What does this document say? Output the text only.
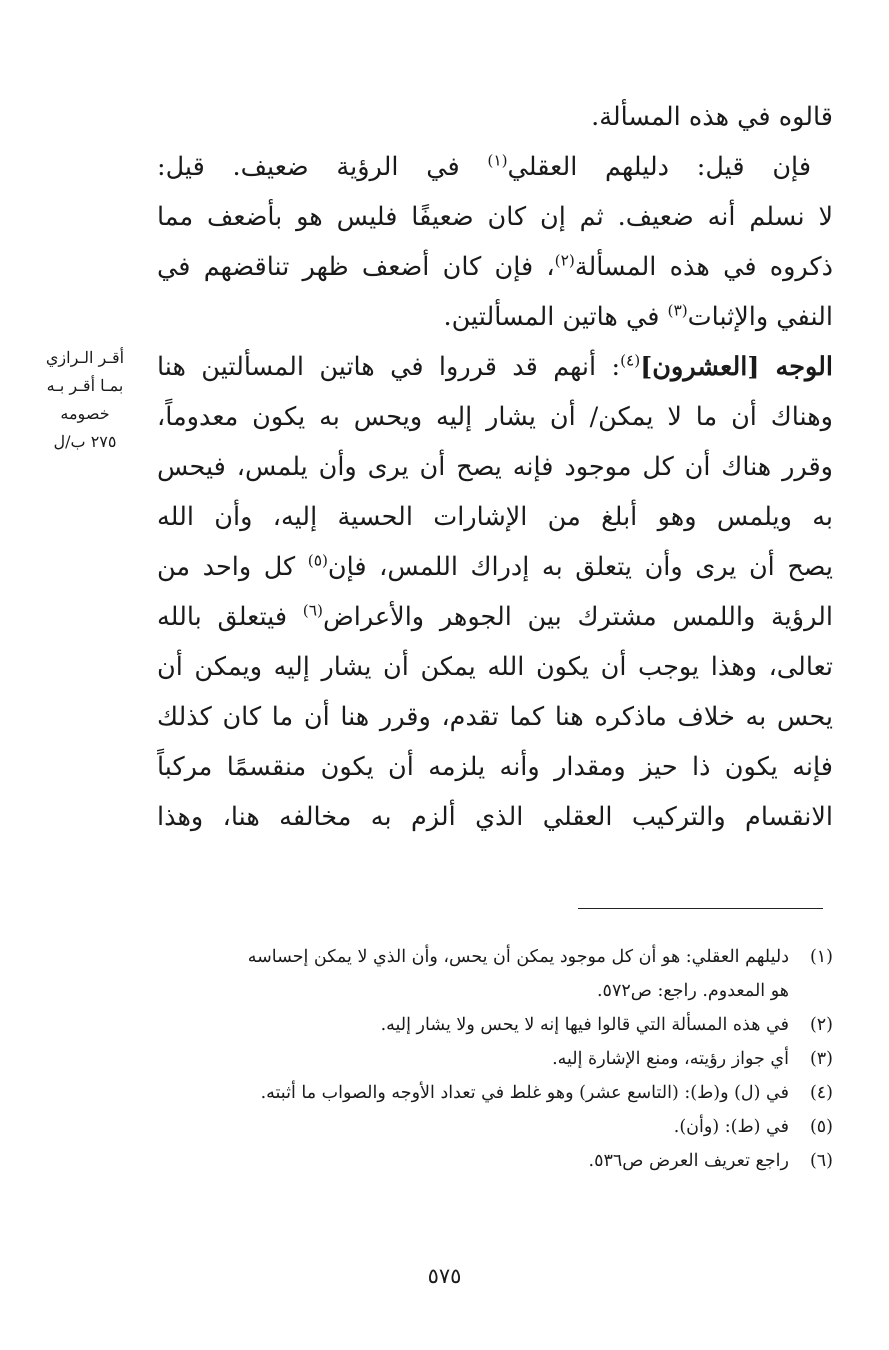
قالوه في هذه المسألة.
فإن قيل: دليلهم العقلي$^{(١)}$ في الرؤية ضعيف. قيل:
لا نسلم أنه ضعيف. ثم إن كان ضعيفًا فليس هو بأضعف مما
ذكروه في هذه المسألة$^{(٢)}$، فإن كان أضعف ظهر تناقضهم في
النفي والإثبات$^{(٣)}$ في هاتين المسألتين.
الوجه [العشرون]$^{(٤)}$: أنهم قد قرروا في هاتين المسألتين هنا
وهناك أن ما لا يمكن/ أن يشار إليه ويحس به يكون معدوماً،
وقرر هناك أن كل موجود فإنه يصح أن يرى وأن يلمس، فيحس
به ويلمس وهو أبلغ من الإشارات الحسية إليه، وأن الله
يصح أن يرى وأن يتعلق به إدراك اللمس، فإن$^{(٥)}$ كل واحد من
الرؤية واللمس مشترك بين الجوهر والأعراض$^{(٦)}$ فيتعلق بالله
تعالى، وهذا يوجب أن يكون الله يمكن أن يشار إليه ويمكن أن
يحس به خلاف ماذكره هنا كما تقدم، وقرر هنا أن ما كان كذلك
فإنه يكون ذا حيز ومقدار وأنه يلزمه أن يكون منقسمًا مركباً
الانقسام والتركيب العقلي الذي ألزم به مخالفه هنا، وهذا
أقـر الـرازي
بمـا أقـر بـه
خصومه
٢٧٥ ب/ل
(١)
دليلهم العقلي: هو أن كل موجود يمكن أن يحس، وأن الذي لا يمكن إحساسه
هو المعدوم. راجع: ص٥٧٢.
(٢)
في هذه المسألة التي قالوا فيها إنه لا يحس ولا يشار إليه.
(٣)
أي جواز رؤيته، ومنع الإشارة إليه.
(٤)
في (ل) و(ط): (التاسع عشر) وهو غلط في تعداد الأوجه والصواب ما أثبته.
(٥)
في (ط): (وأن).
(٦)
راجع تعريف العرض ص٥٣٦.
٥٧٥
